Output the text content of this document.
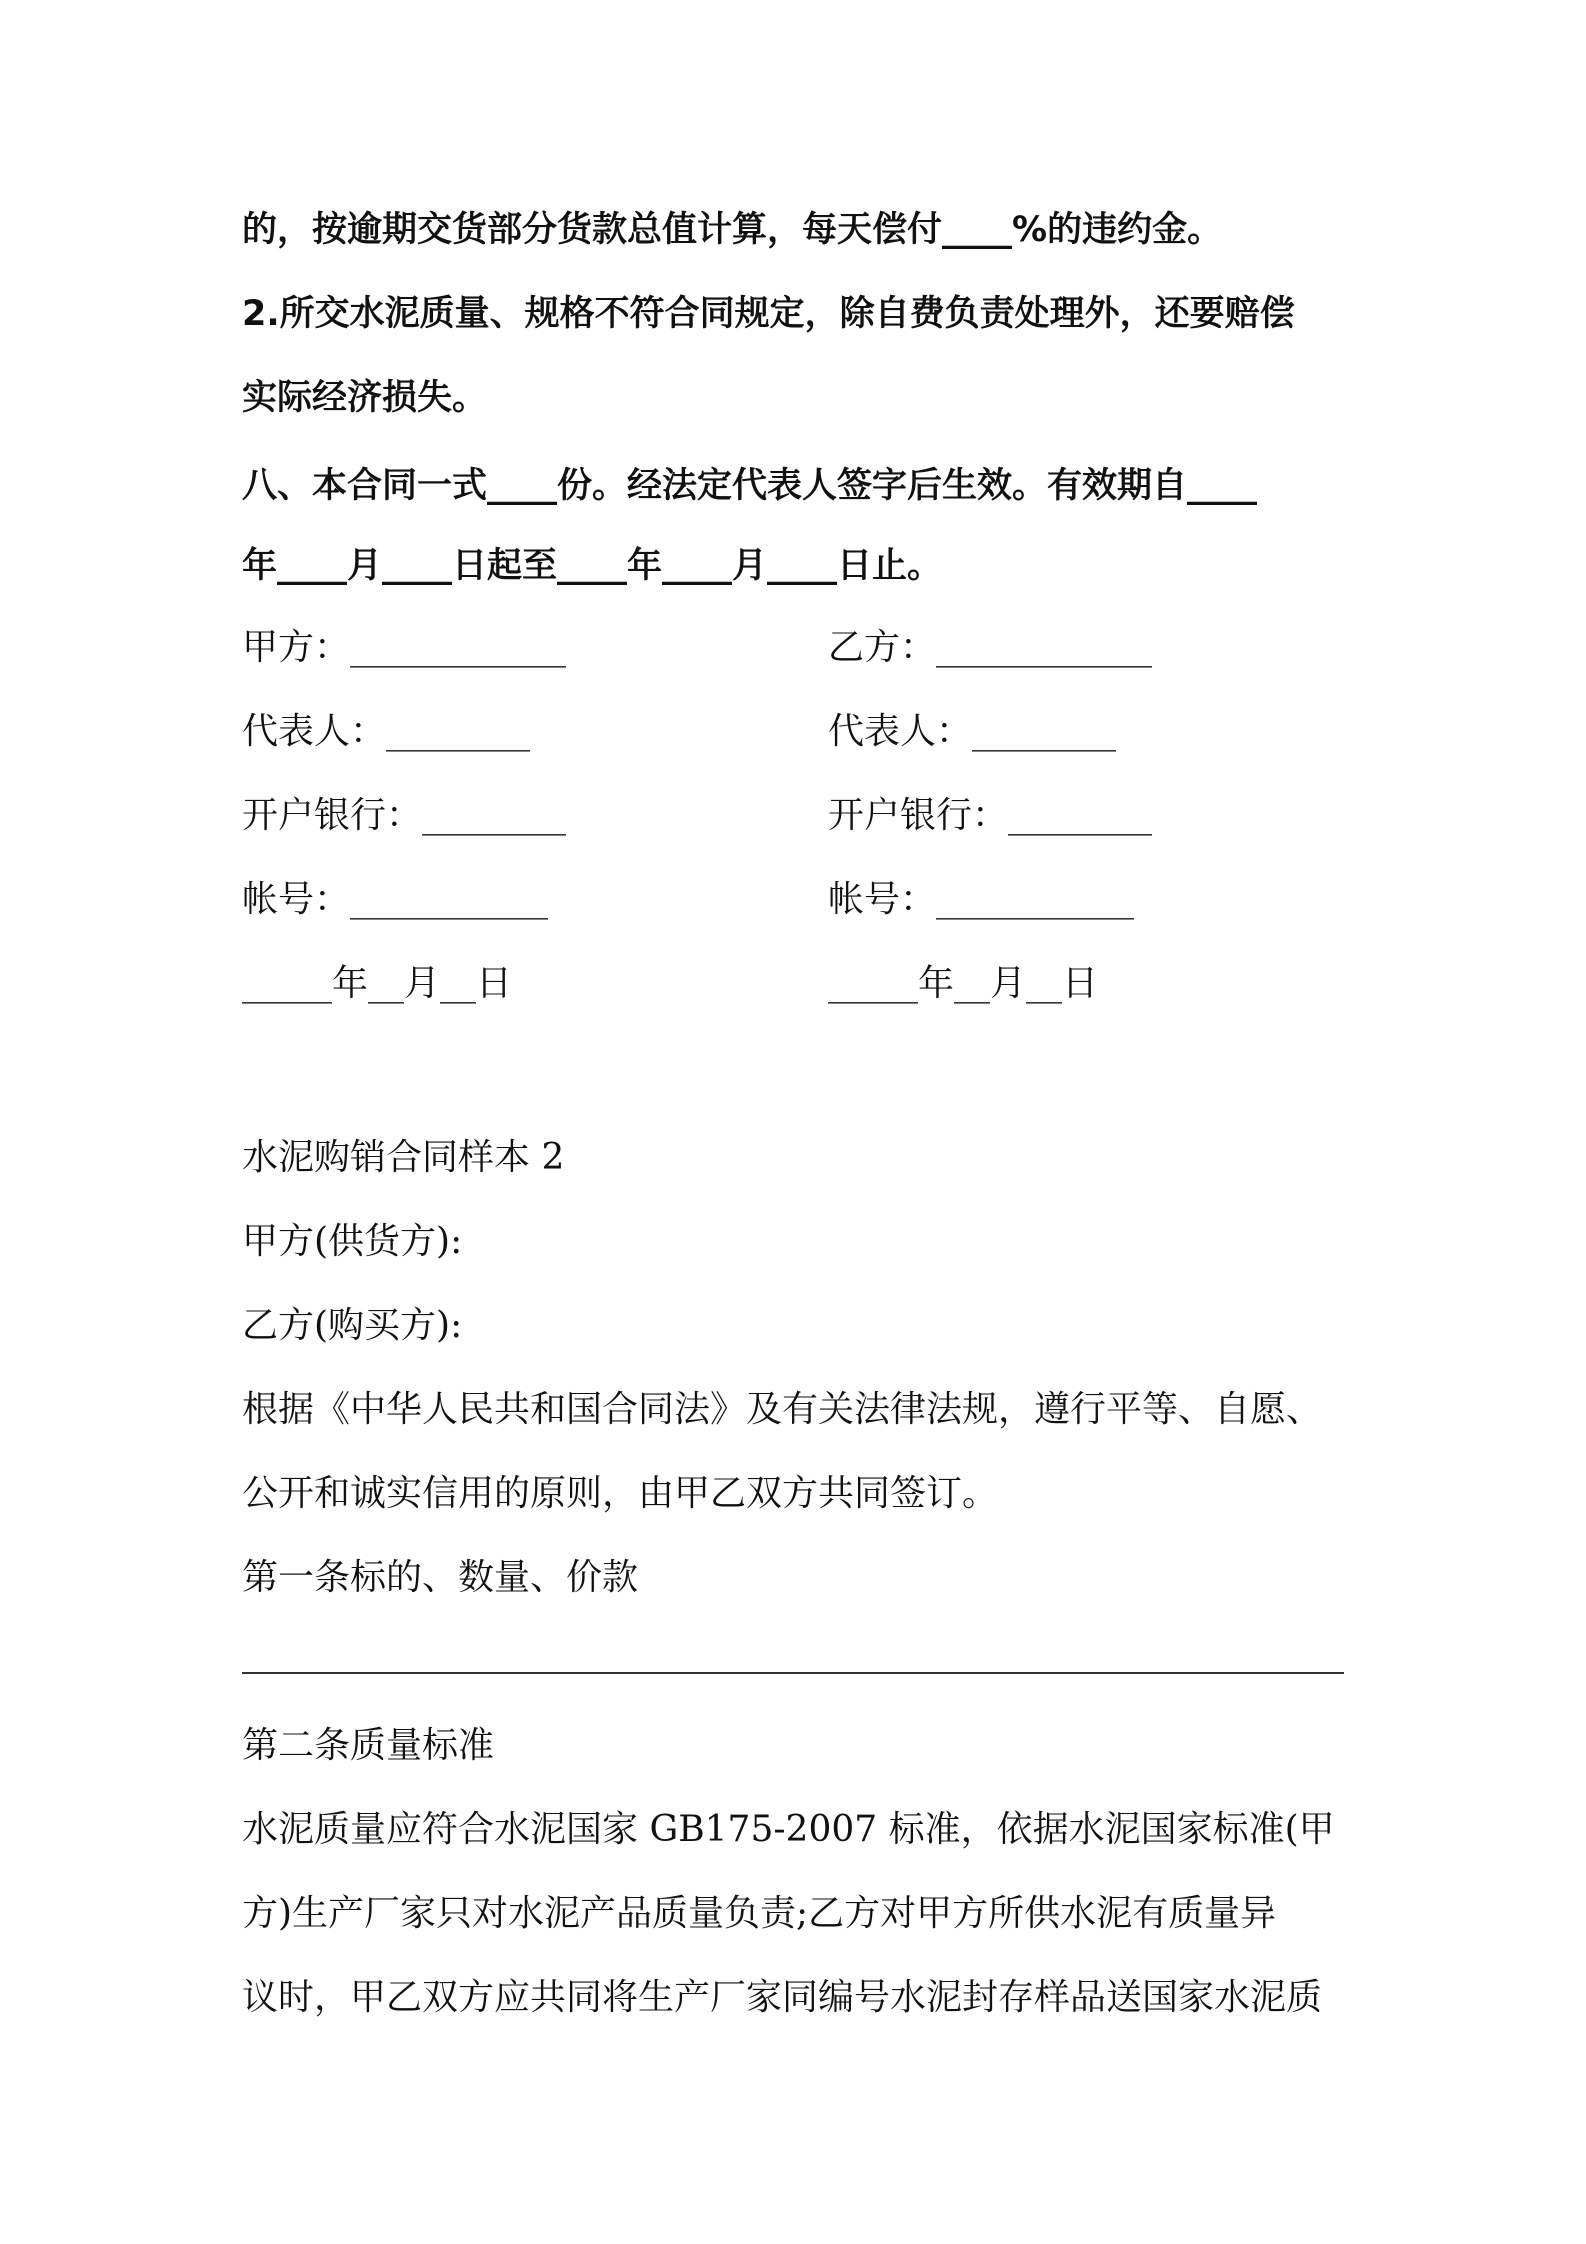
的，按逾期交货部分货款总值计算，每天偿付____%的违约金。
2.所交水泥质量、规格不符合同规定，除自费负责处理外，还要赔偿
实际经济损失。
八、本合同一式____份。经法定代表人签字后生效。有效期自____
年____月____日起至____年____月____日止。
甲方：____________	乙方：____________
代表人：________	代表人：________
开户银行：________	开户银行：________
帐号：___________	帐号：___________
_____年__月__日	_____年__月__日
水泥购销合同样本 2
甲方(供货方):
乙方(购买方):
根据《中华人民共和国合同法》及有关法律法规，遵行平等、自愿、
公开和诚实信用的原则，由甲乙双方共同签订。
第一条标的、数量、价款
第二条质量标准
水泥质量应符合水泥国家 GB175-2007 标准，依据水泥国家标准(甲
方)生产厂家只对水泥产品质量负责;乙方对甲方所供水泥有质量异
议时，甲乙双方应共同将生产厂家同编号水泥封存样品送国家水泥质
